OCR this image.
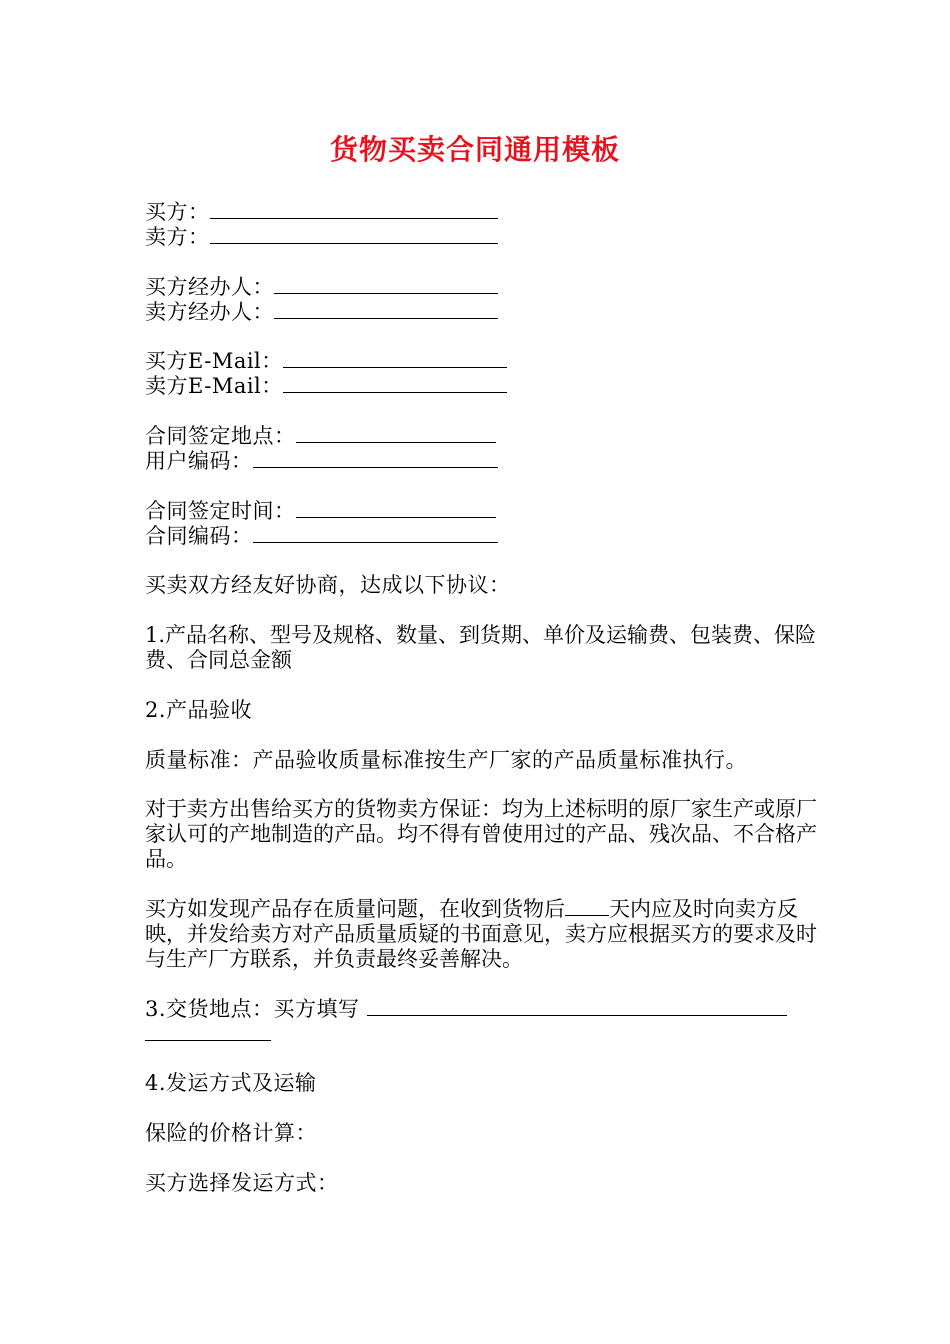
货物买卖合同通用模板
买方：
卖方：
买方经办人：
卖方经办人：
买方E-Mail：
卖方E-Mail：
合同签定地点：
用户编码：
合同签定时间：
合同编码：
买卖双方经友好协商，达成以下协议：
1.产品名称、型号及规格、数量、到货期、单价及运输费、包装费、保险费、合同总金额
2.产品验收
质量标准：产品验收质量标准按生产厂家的产品质量标准执行。
对于卖方出售给买方的货物卖方保证：均为上述标明的原厂家生产或原厂家认可的产地制造的产品。均不得有曾使用过的产品、残次品、不合格产品。
买方如发现产品存在质量问题，在收到货物后 天内应及时向卖方反映，并发给卖方对产品质量质疑的书面意见，卖方应根据买方的要求及时与生产厂方联系，并负责最终妥善解决。
3.交货地点：买方填写
4.发运方式及运输
保险的价格计算：
买方选择发运方式：
